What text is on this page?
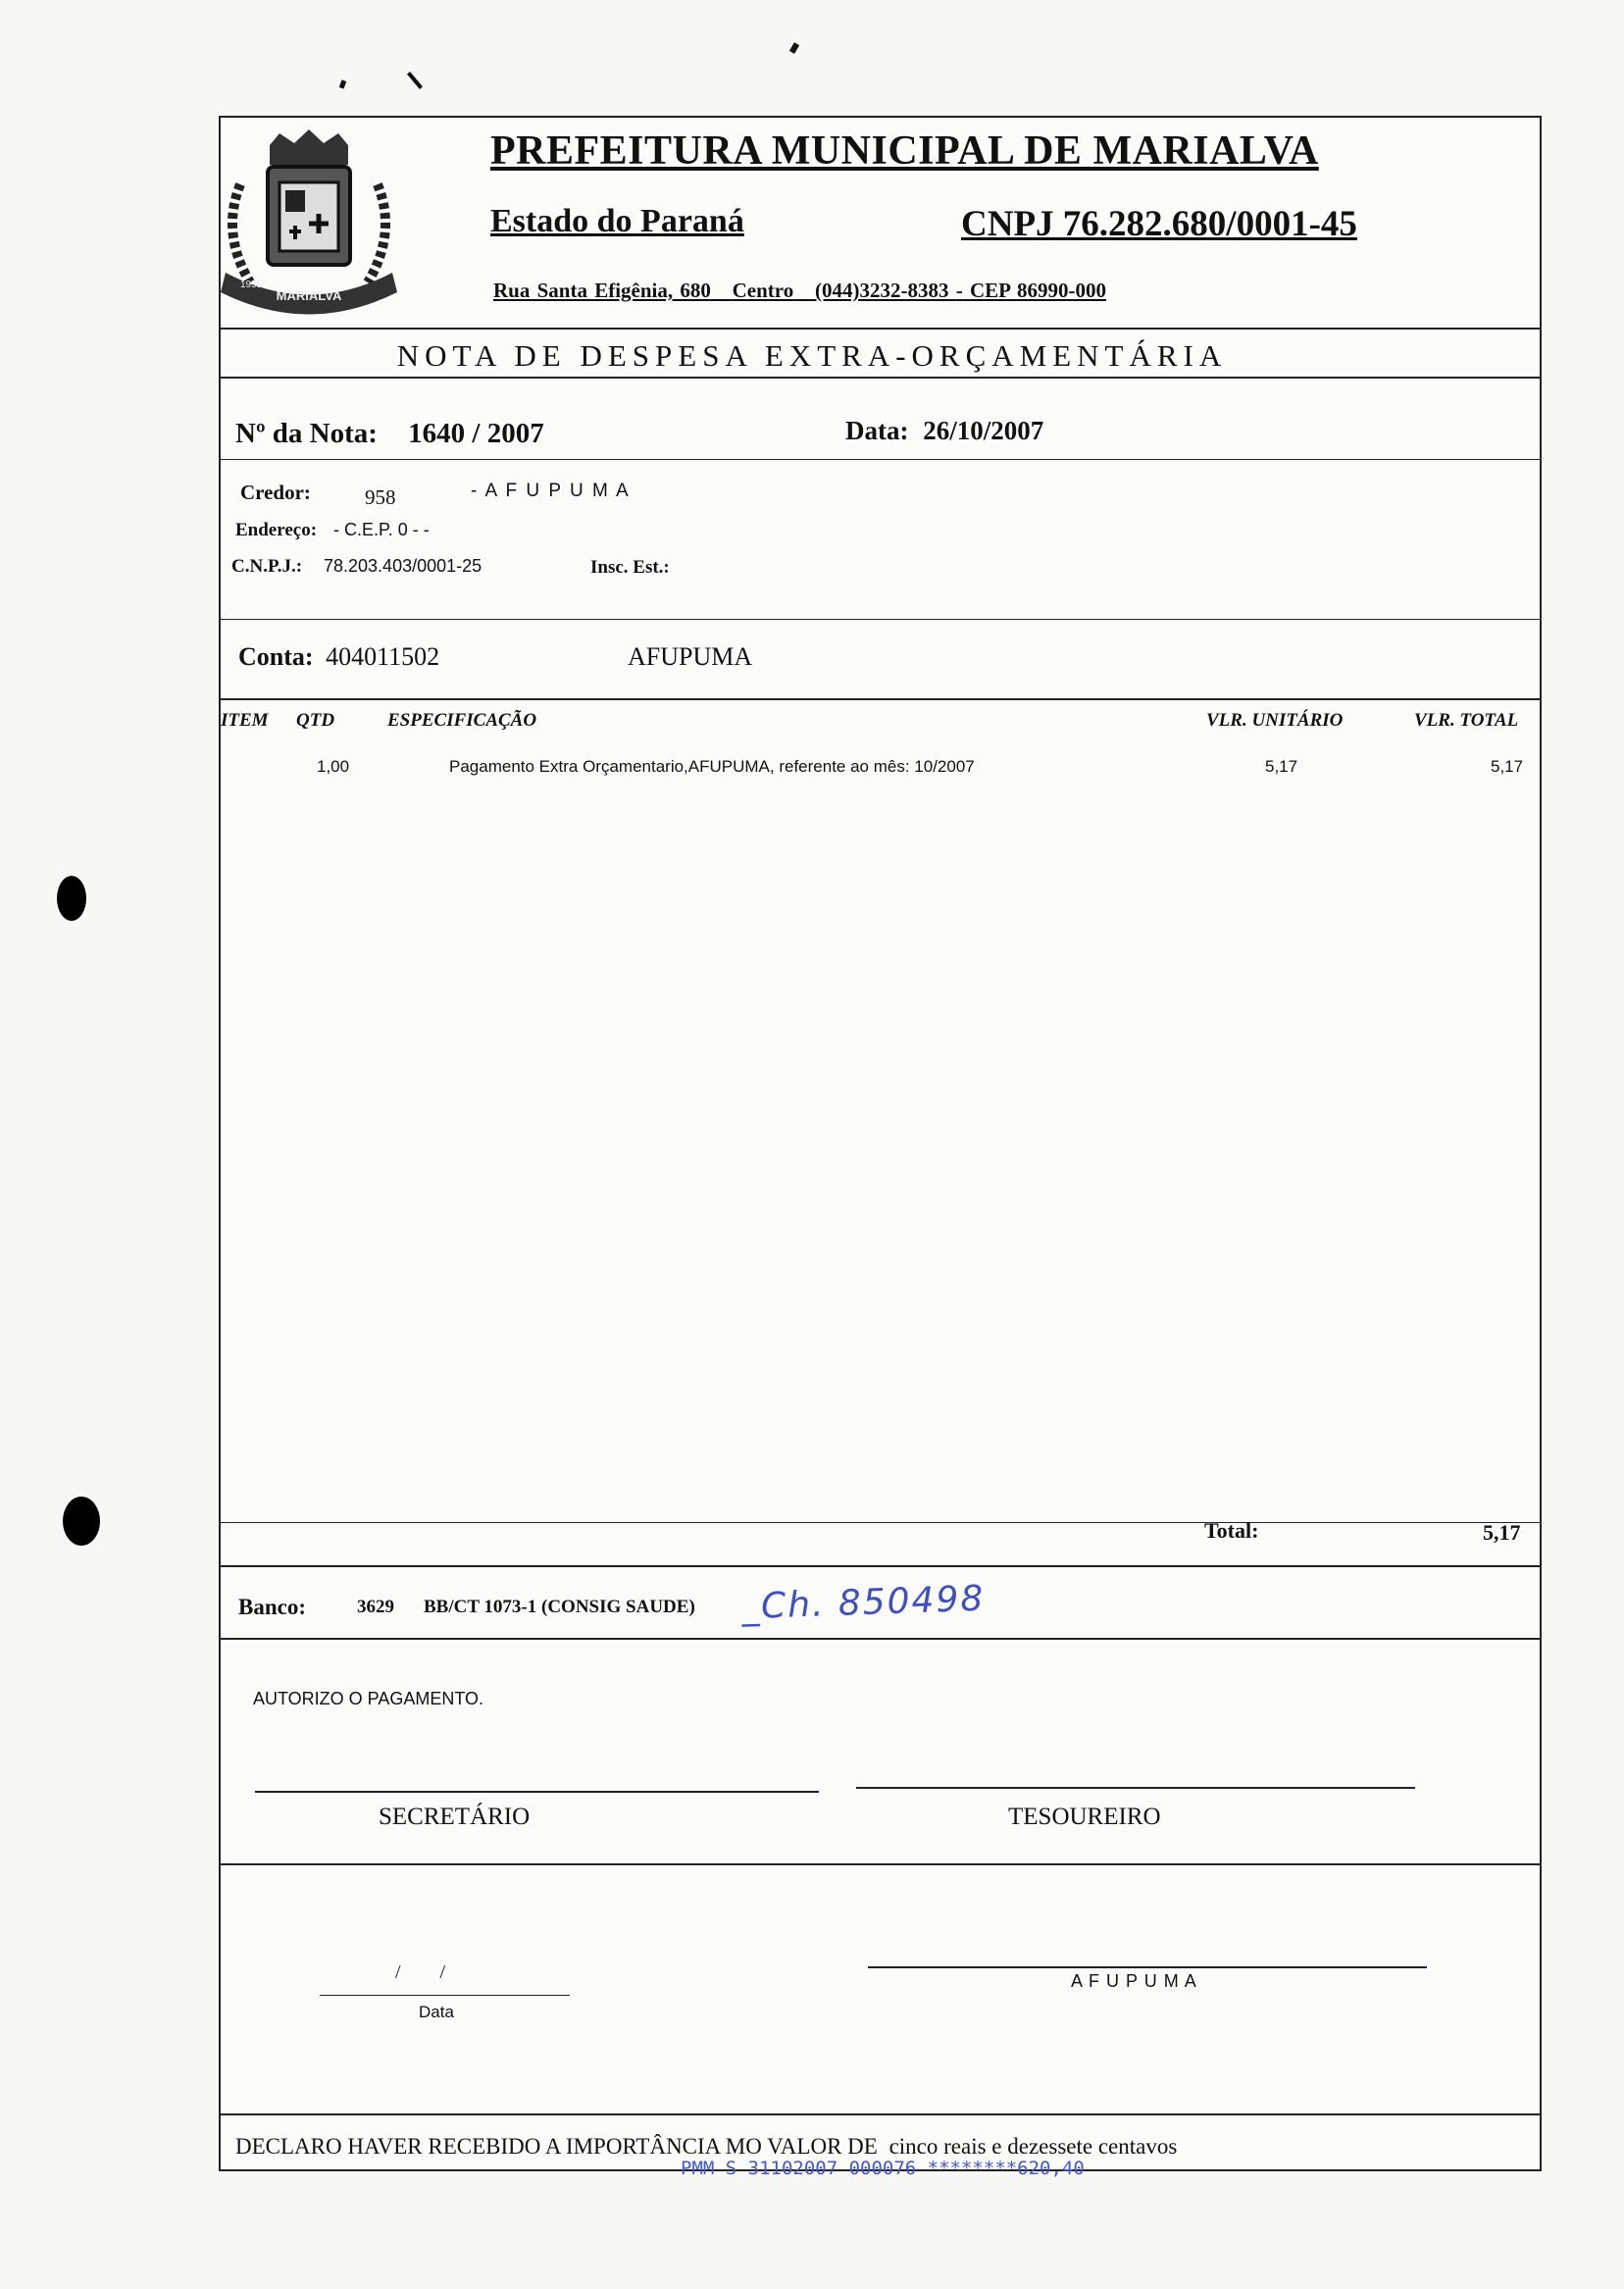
MARIALVA
1955
PREFEITURA MUNICIPAL DE MARIALVA
Estado do Paraná	CNPJ 76.282.680/0001-45
Rua Santa Efigênia, 680 Centro (044)3232-8383 - CEP 86990-000
NOTA DE DESPESA EXTRA-ORÇAMENTÁRIA
Nº da Nota: 1640 / 2007	Data: 26/10/2007
Credor:	958	- A F U P U M A
Endereço: - C.E.P. 0 - -
C.N.P.J.: 78.203.403/0001-25	Insc. Est.:
Conta: 404011502	AFUPUMA
ITEM QTD	ESPECIFICAÇÃO	VLR. UNITÁRIO	VLR. TOTAL
1,00	Pagamento Extra Orçamentario,AFUPUMA, referente ao mês: 10/2007	5,17	5,17
Total:	5,17
Banco:	3629 BB/CT 1073-1 (CONSIG SAUDE) _Ch. 850498
AUTORIZO O PAGAMENTO.
SECRETÁRIO	TESOUREIRO
/        /
Data
A F U P U M A
DECLARO HAVER RECEBIDO A IMPORTÂNCIA MO VALOR DE cinco reais e dezessete centavos
PMM S 31102007 000076 ********620,40
